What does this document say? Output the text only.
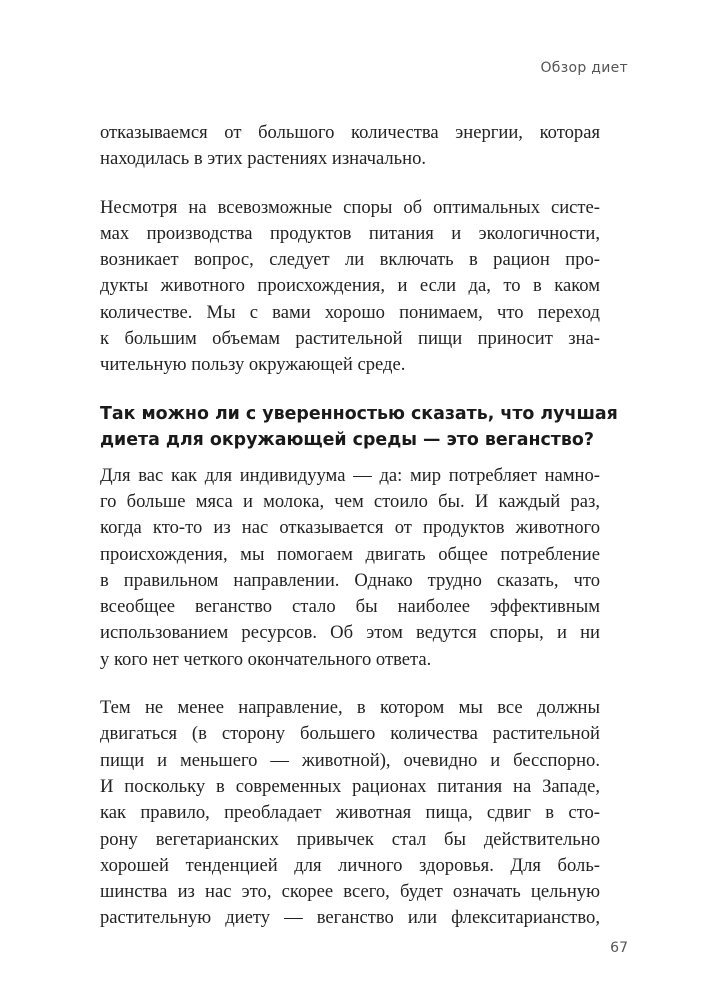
Обзор диет

отказываемся от большого количества энергии, которая
находилась в этих растениях изначально.

Несмотря на всевозможные споры об оптимальных систе-
мах производства продуктов питания и экологичности,
возникает вопрос, следует ли включать в рацион про-
дукты животного происхождения, и если да, то в каком
количестве. Мы с вами хорошо понимаем, что переход
к большим объемам растительной пищи приносит зна-
чительную пользу окружающей среде.

Так можно ли с уверенностью сказать, что лучшая
диета для окружающей среды — это веганство?

Для вас как для индивидуума — да: мир потребляет намно-
го больше мяса и молока, чем стоило бы. И каждый раз,
когда кто-то из нас отказывается от продуктов животного
происхождения, мы помогаем двигать общее потребление
в правильном направлении. Однако трудно сказать, что
всеобщее веганство стало бы наиболее эффективным
использованием ресурсов. Об этом ведутся споры, и ни
у кого нет четкого окончательного ответа.

Тем не менее направление, в котором мы все должны
двигаться (в сторону большего количества растительной
пищи и меньшего — животной), очевидно и бесспорно.
И поскольку в современных рационах питания на Западе,
как правило, преобладает животная пища, сдвиг в сто-
рону вегетарианских привычек стал бы действительно
хорошей тенденцией для личного здоровья. Для боль-
шинства из нас это, скорее всего, будет означать цельную
растительную диету — веганство или флекситарианство,

67
